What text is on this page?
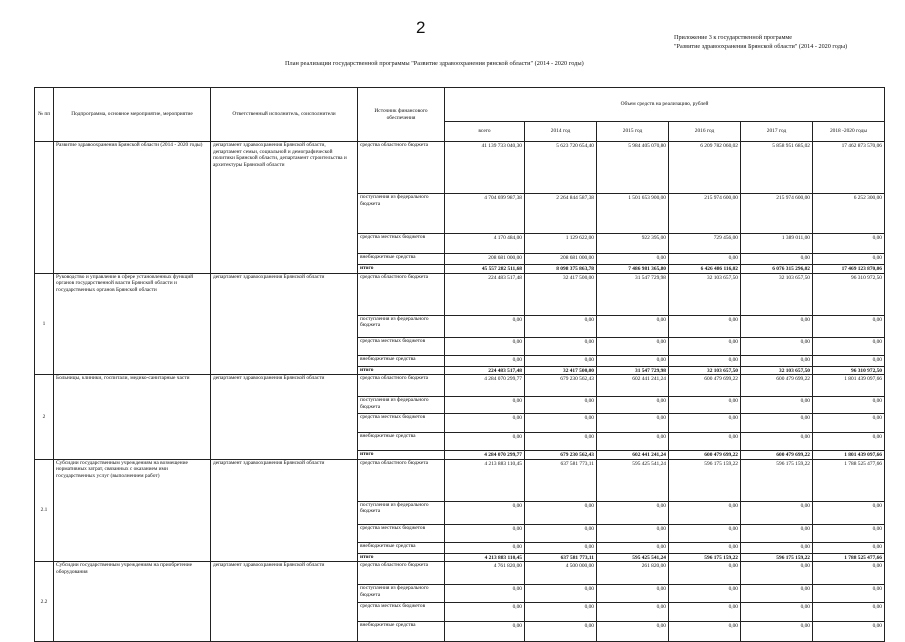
2
Приложение 3 к государственной программе
"Развитие здравоохранения Брянской области" (2014 - 2020 годы)
План реализации государственной программы "Развитие здравоохранения рянской области" (2014 - 2020 годы)
№ пп	Подпрограмма, основное мероприятие, мероприятие	Ответственный исполнитель, соисполнители	Источник финансового обеспечения	Объем средств на реализацию, рублей					
				всего	2014 год	2015 год	2016 год	2017 год	2018 -2020 годы
	Развитие здравоохранения Брянской области (2014 - 2020 годы)	департамент здравоохранения Брянской области, департамент семьи, социальной и демографической политики Брянской области, департамент строительства и архитектуры Брянской области	средства областного бюджета	41 139 733 040,30	5 623 720 654,40	5 984 405 070,80	6 209 782 060,02	5 858 951 685,02	17 462 873 570,06
			поступления из федерального бюджета	4 704 699 987,38	2 264 844 587,38	1 501 653 900,00	215 974 600,00	215 974 600,00	6 252 300,00
			средства местных бюджетов	4 170 484,00	1 129 622,00	922 395,00	729 456,00	1 389 011,00	0,00
			внебюджетные средства	208 681 000,00	208 681 000,00	0,00	0,00	0,00	0,00
			итого	45 557 282 511,68	8 098 375 863,78	7 486 981 365,80	6 426 486 116,02	6 076 315 296,02	17 469 123 870,06
1	Руководство и управление в сфере установленных функций органов государственной власти Брянской области и государственных органов Брянской области	департамент здравоохранения Брянской области	средства областного бюджета	224 483 517,48	32 417 500,00	31 547 729,98	32 103 657,50	32 103 657,50	96 310 972,50
			поступления из федерального бюджета	0,00	0,00	0,00	0,00	0,00	0,00
			средства местных бюджетов	0,00	0,00	0,00	0,00	0,00	0,00
			внебюджетные средства	0,00	0,00	0,00	0,00	0,00	0,00
			итого	224 483 517,48	32 417 500,00	31 547 729,98	32 103 657,50	32 103 657,50	96 310 972,50
2	Больницы, клиники, госпитали, медико-санитарные части	департамент здравоохранения Брянской области	средства областного бюджета	4 284 070 299,77	679 230 562,43	602 441 241,24	600 479 699,22	600 479 699,22	1 801 439 097,66
			поступления из федерального бюджета	0,00	0,00	0,00	0,00	0,00	0,00
			средства местных бюджетов	0,00	0,00	0,00	0,00	0,00	0,00
			внебюджетные средства	0,00	0,00	0,00	0,00	0,00	0,00
			итого	4 284 070 299,77	679 230 562,43	602 441 241,24	600 479 699,22	600 479 699,22	1 801 439 097,66
2.1	Субсидии государственным учреждениям на возмещение нормативных затрат, связанных с оказанием ими государственных услуг (выполнением работ)	департамент здравоохранения Брянской области	средства областного бюджета	4 213 883 110,45	637 581 773,11	595 425 541,24	596 175 159,22	596 175 159,22	1 788 525 477,66
			поступления из федерального бюджета	0,00	0,00	0,00	0,00	0,00	0,00
			средства местных бюджетов	0,00	0,00	0,00	0,00	0,00	0,00
			внебюджетные средства	0,00	0,00	0,00	0,00	0,00	0,00
			итого	4 213 883 110,45	637 581 773,11	595 425 541,24	596 175 159,22	596 175 159,22	1 788 525 477,66
2.2	Субсидии государственным учреждениям на приобретение оборудования	департамент здравоохранения Брянской области	средства областного бюджета	4 761 820,00	4 500 000,00	261 820,00	0,00	0,00	0,00
			поступления из федерального бюджета	0,00	0,00	0,00	0,00	0,00	0,00
			средства местных бюджетов	0,00	0,00	0,00	0,00	0,00	0,00
			внебюджетные средства	0,00	0,00	0,00	0,00	0,00	0,00
